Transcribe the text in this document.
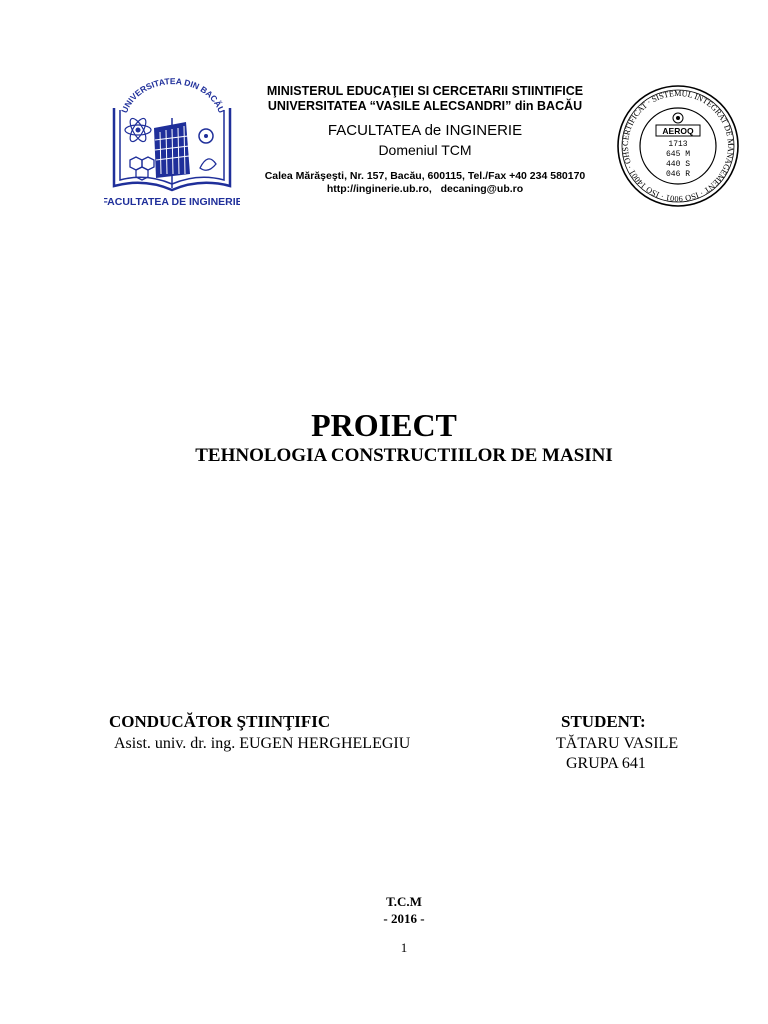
UNIVERSITATEA DIN BACĂU
FACULTATEA DE INGINERIE
MINISTERUL EDUCAŢIEI SI CERCETARII STIINTIFICE
UNIVERSITATEA “VASILE ALECSANDRI” din BACĂU
FACULTATEA de INGINERIE
Domeniul TCM
Calea Mărăşeşti, Nr. 157, Bacău, 600115, Tel./Fax +40 234 580170
http://inginerie.ub.ro,   decaning@ub.ro
CERTIFICAT · SISTEMUL INTEGRAT DE MANAGEMENT · ISO 9001 · ISO 14001 · OHS
AEROQ
1713
645 M
440 S
046 R
PROIECT
TEHNOLOGIA CONSTRUCTIILOR DE MASINI
CONDUCĂTOR ŞTIINŢIFIC
Asist. univ. dr. ing. EUGEN HERGHELEGIU
STUDENT:
TĂTARU VASILE
GRUPA 641
T.C.M
- 2016 -
1
